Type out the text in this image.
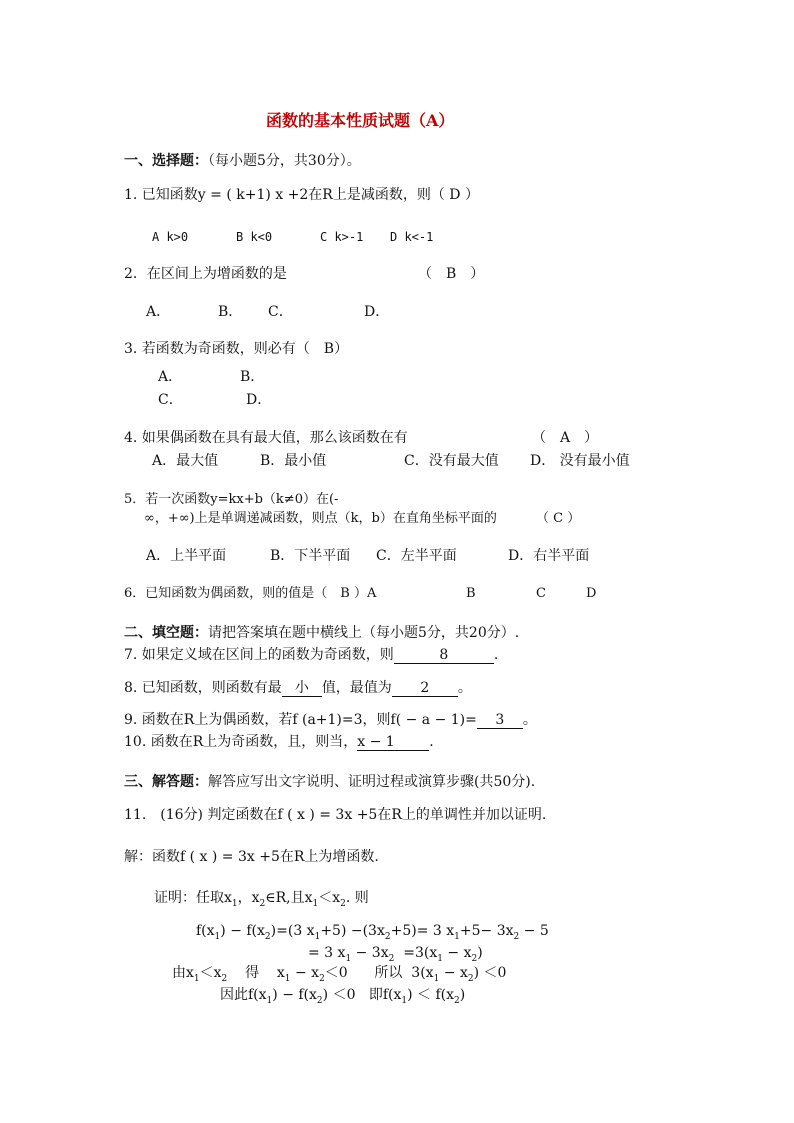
函数的基本性质试题（A）
一、选择题：（每小题5分，共30分）。
1. 已知函数y = ( k+1) x +2在R上是减函数，则（ D ）
A k>0	B k<0	C k>-1 D k<-1
2．在区间上为增函数的是	（　B　）
A．	B． C．	D．
3. 若函数为奇函数，则必有（　B）
A．	B．
C．	D．
4. 如果偶函数在具有最大值，那么该函数在有	（　A　）
A．最大值	B．最小值	C．没有最大值 D． 没有最小值
5．若一次函数y=kx+b（k≠0）在(-
∞，+∞)上是单调递减函数，则点（k，b）在直角坐标平面的	（ C ）
A．上半平面	B．下半平面 C．左半平面	D．右半平面
6．已知函数为偶函数，则的值是（　B ）A	B	C	D
二、填空题：请把答案填在题中横线上（每小题5分，共20分）.
7. 如果定义域在区间上的函数为奇函数，则	8	.
8. 已知函数，则函数有最 小 值，最值为 2 。
9. 函数在R上为偶函数，若f (a+1)=3，则f( − a − 1)= 3 。
10. 函数在R上为奇函数，且，则当，x − 1 .
三、解答题：解答应写出文字说明、证明过程或演算步骤(共50分).
11.　(16分) 判定函数在f ( x ) = 3x +5在R上的单调性并加以证明.
解：函数f ( x ) = 3x +5在R上为增函数.
证明：任取$x_1$，$x_2\in R$,且$x_1<x_2$. 则
$f(x_1) - f(x_2)=(3$ $x_1+5) -(3x_2+5)= 3$ $x_1+5- 3x_2 - 5$
= 3 $x_1 - 3x_2 =3(x_1 - x_2)$
由$x_1<x_2$ 得    $x_1 - x_2<0$      所以  $3(x_1 - x_2) <0$
因此$f(x_1) - f(x_2) <0$   即$f(x_1) < f(x_2)$
